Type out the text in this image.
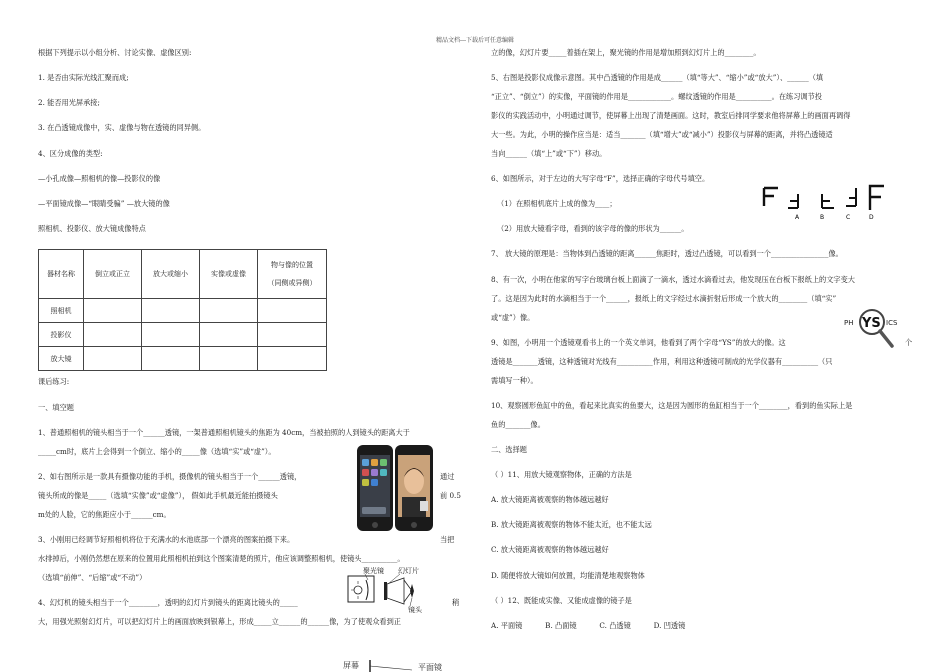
精品文档---下载后可任意编辑
根据下列提示以小组分析、讨论实像、虚像区别:
1. 是否由实际光线汇聚而成;
2. 能否用光屏承接;
3. 在凸透镜成像中，实、虚像与物在透镜的同异侧。
4、区分成像的类型:
—小孔成像—照相机的像—投影仪的像
—平面镜成像—“眼睛受骗” —放大镜的像
照相机、投影仪、放大镜成像特点
器材名称	倒立或正立	放大或缩小	实像或虚像	物与像的位置
（同侧或异侧）

照相机				
投影仪				
放大镜				
课后练习:
一、填空题
1、普通照相机的镜头相当于一个______透镜，一架普通照相机镜头的焦距为 40cm，当被拍照的人到镜头的距离大于
_____cm时，底片上会得到一个倒立、缩小的_____像（选填“实”或“虚”）。
2、如右图所示是一款具有摄像功能的手机，摄像机的镜头相当于一个______透镜，	通过
镜头所成的像是_____（选填“实像”或“虚像”）， 假如此手机最近能拍摄镜头	前 0.5
m处的人脸，它的焦距应小于______cm。
3、小刚用已经调节好照相机将位于充满水的水池底部一个漂亮的图案拍摄下来。	当把
水排掉后，小刚仍然想在原来的位置用此照相机拍到这个图案清楚的照片，他应该调整照相机，使镜头__________。
（选填“前伸”、“后缩”或“不动”）
4、幻灯机的镜头相当于一个________，透明的幻灯片到镜头的距离比镜头的_____	稍
大，用强光照射幻灯片，可以把幻灯片上的画面放映到银幕上，形成_____立______的______像，为了使观众看到正
聚光镜 幻灯片
镜头
屏幕	平面镜
立的像，幻灯片要_____着插在架上，聚光镜的作用是增加照到幻灯片上的________。
5、右图是投影仪成像示意图。其中凸透镜的作用是成______（填“等大”、“缩小”或“放大”）、______（填
“正立”、“倒立”）的实像，平面镜的作用是____________。螺纹透镜的作用是__________。在练习调节投
影仪的实践活动中，小明通过调节，使屏幕上出现了清楚画面。这时，教室后排同学要求他将屏幕上的画面再调得
大一些。为此，小明的操作应当是：适当_______（填“增大”或“减小”）投影仪与屏幕的距离，并将凸透镜适
当向______（填“上”或“下”）移动。
6、如图所示，对于左边的大写字母“F”，选择正确的字母代号填空。
（1）在照相机底片上成的像为____；
（2）用放大镜看字母，看到的该字母的像的形状为______。
7、 放大镜的原理是：当物体到凸透镜的距离______焦距时，透过凸透镜，可以看到一个________________像。
8、有一次，小明在他家的写字台玻璃台板上面滴了一滴水，透过水滴看过去，他发现压在台板下报纸上的文字变大
了。这是因为此时的水滴相当于一个______，报纸上的文字经过水滴折射后形成一个放大的________（填“实”
或“虚”）像。
9、如图，小明用一个透镜观看书上的一个英文单词，他看到了两个字母“YS”的放大的像。这	个
透镜是_______透镜，这种透镜对光线有__________作用，利用这种透镜可制成的光学仪器有__________（只
需填写一种）。
10、观察圆形鱼缸中的鱼，看起来比真实的鱼要大，这是因为圆形的鱼缸相当于一个________，看到的鱼实际上是
鱼的_______像。
二、选择题
（ ）11、用放大镜观察物体，正确的方法是
A. 放大镜距离被观察的物体越远越好
B. 放大镜距离被观察的物体不能太近，也不能太远
C. 放大镜距离被观察的物体越远越好
D. 随便将放大镜如何放置，均能清楚地观察物体
（ ）12、既能成实像、又能成虚像的镜子是
A. 平面镜          B. 凸面镜          C. 凸透镜          D. 凹透镜
A	B	C	D
PH YS ICS
